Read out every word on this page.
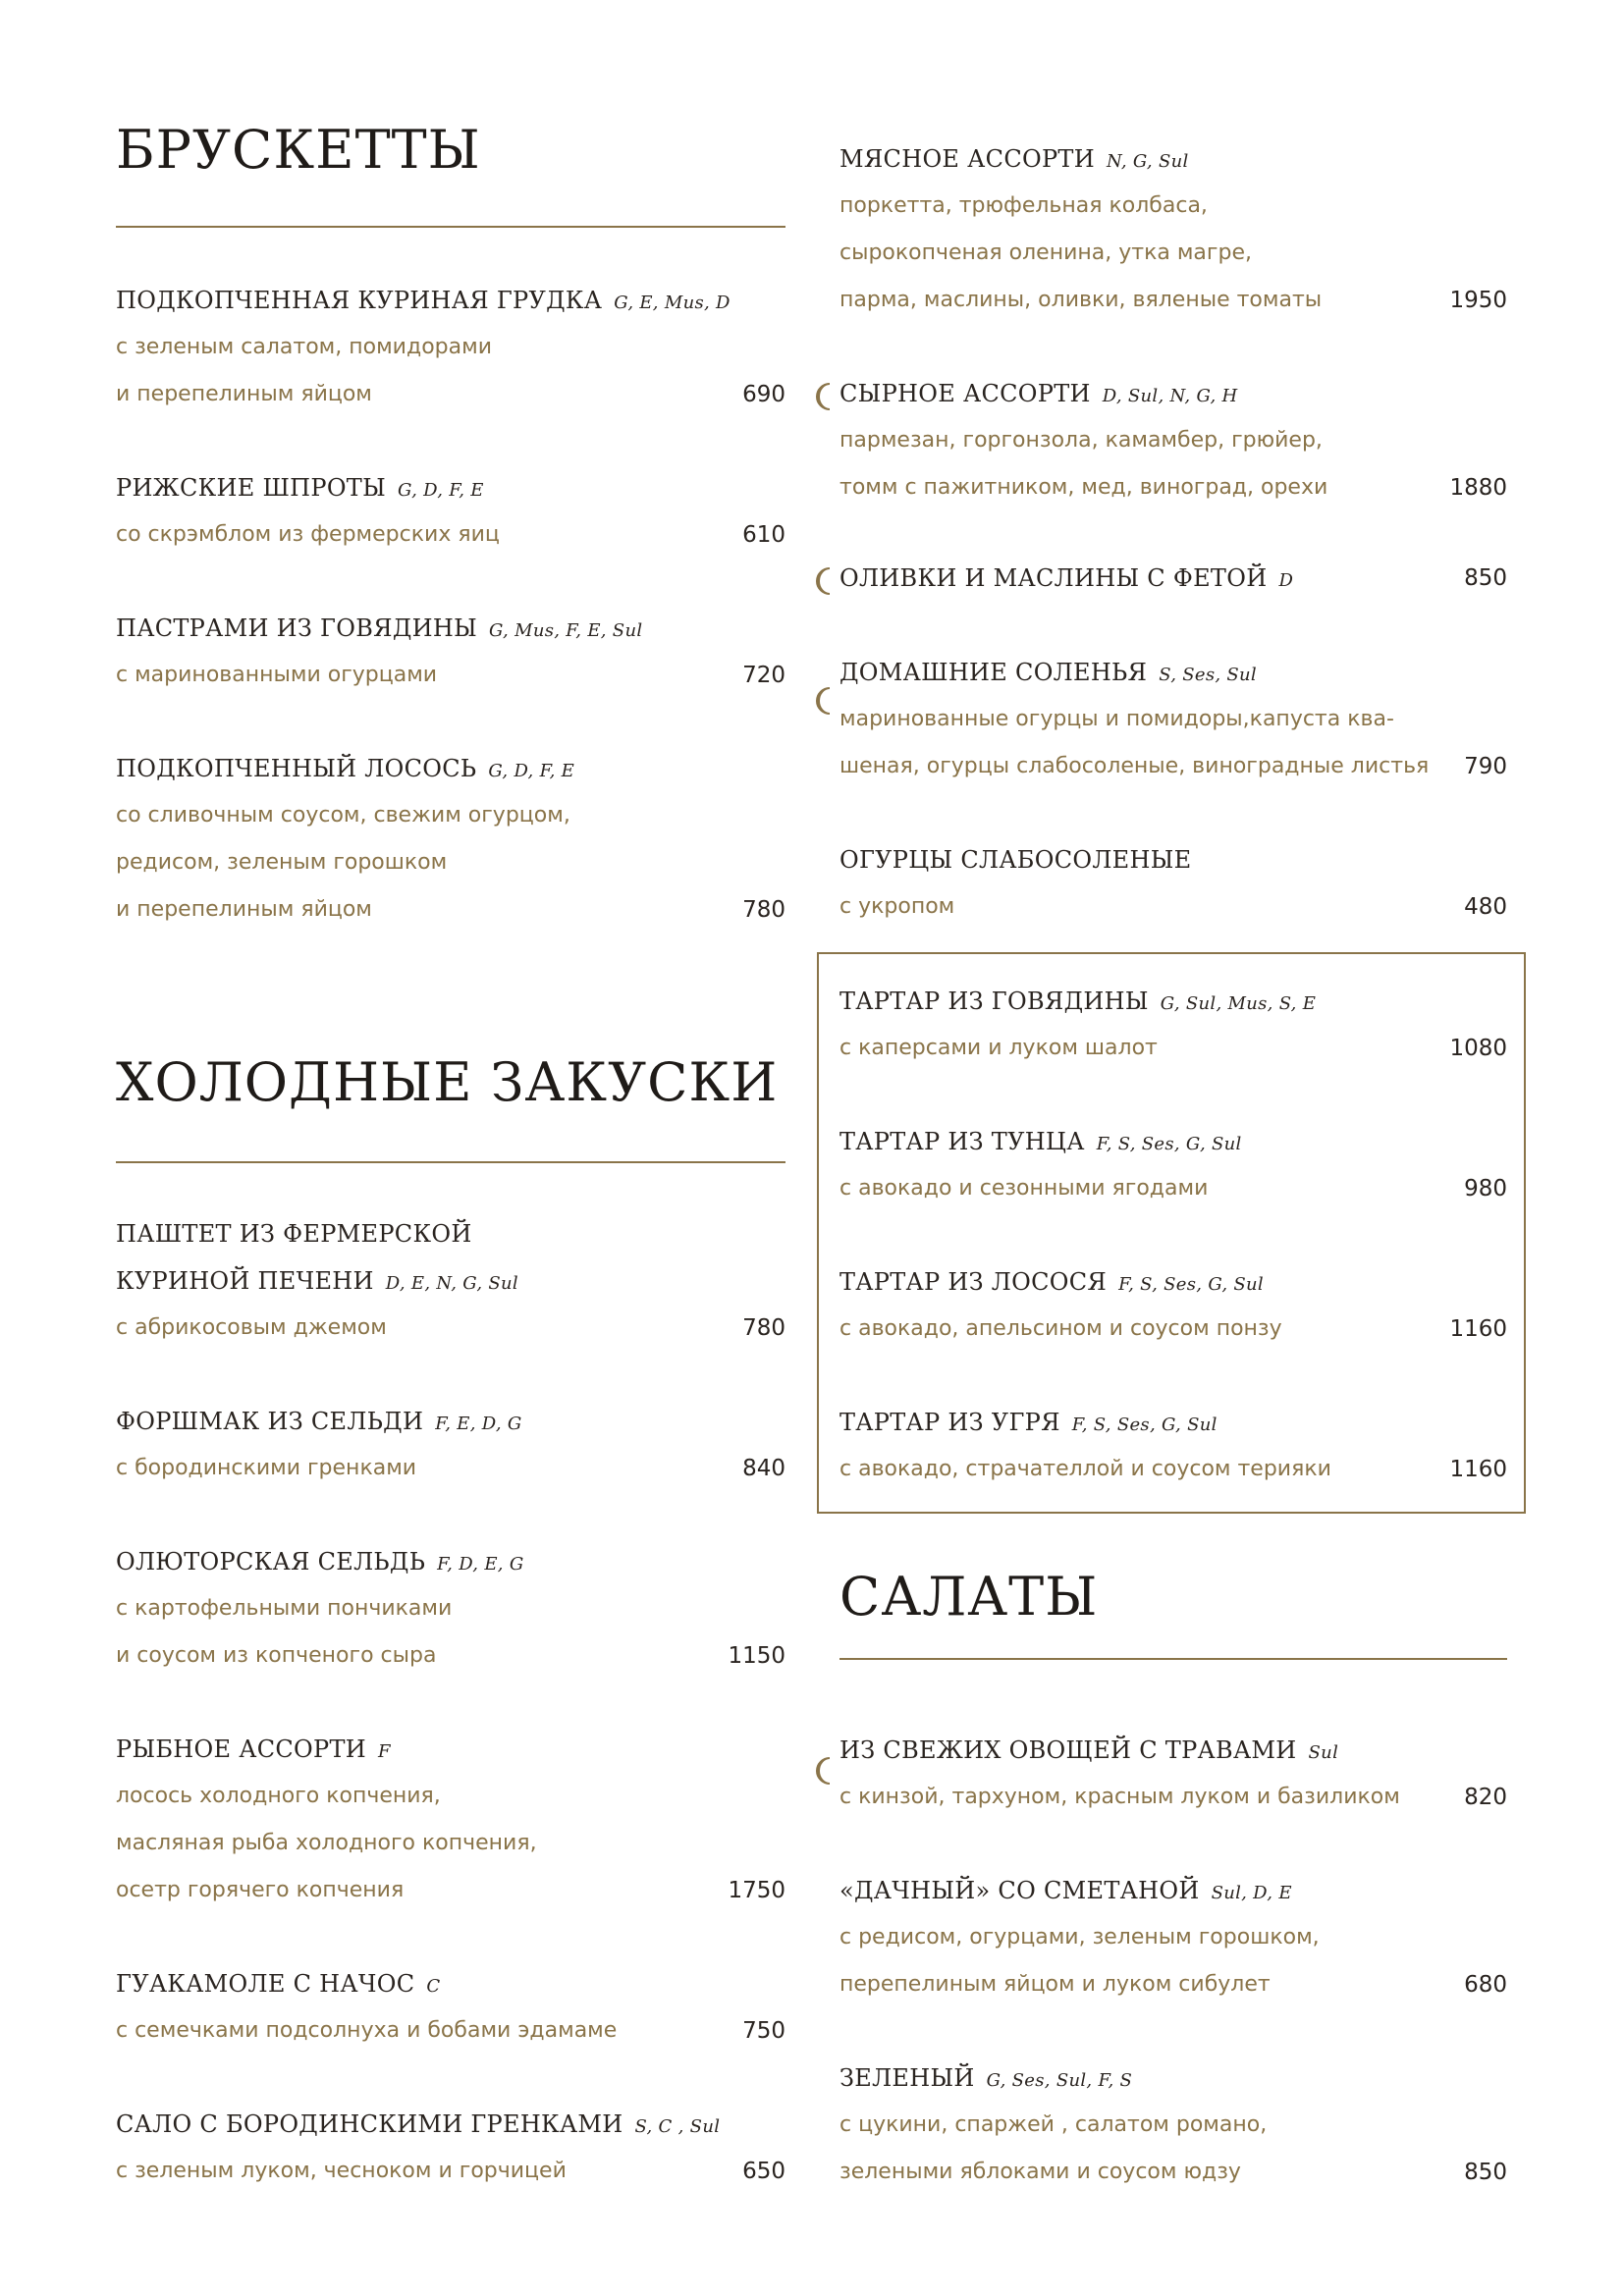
БРУСКЕТТЫ
ПОДКОПЧЕННАЯ КУРИНАЯ ГРУДКА G, E, Mus, D
с зеленым салатом, помидорами
и перепелиным яйцом	690
РИЖСКИЕ ШПРОТЫ G, D, F, E
со скрэмблом из фермерских яиц	610
ПАСТРАМИ ИЗ ГОВЯДИНЫ G, Mus, F, E, Sul
с маринованными огурцами	720
ПОДКОПЧЕННЫЙ ЛОСОСЬ G, D, F, E
со сливочным соусом, свежим огурцом,
редисом, зеленым горошком
и перепелиным яйцом	780
ХОЛОДНЫЕ ЗАКУСКИ
ПАШТЕТ ИЗ ФЕРМЕРСКОЙ
КУРИНОЙ ПЕЧЕНИ D, E, N, G, Sul
с абрикосовым джемом	780
ФОРШМАК ИЗ СЕЛЬДИ F, E, D, G
с бородинскими гренками	840
ОЛЮТОРСКАЯ СЕЛЬДЬ F, D, E, G
с картофельными пончиками
и соусом из копченого сыра	1150
РЫБНОЕ АССОРТИ F
лосось холодного копчения,
масляная рыба холодного копчения,
осетр горячего копчения	1750
ГУАКАМОЛЕ С НАЧОС C
с семечками подсолнуха и бобами эдамаме	750
САЛО С БОРОДИНСКИМИ ГРЕНКАМИ S, C , Sul
с зеленым луком, чесноком и горчицей	650
МЯСНОЕ АССОРТИ N, G, Sul
поркетта, трюфельная колбаса,
сырокопченая оленина, утка магре,
парма, маслины, оливки, вяленые томаты	1950
СЫРНОЕ АССОРТИ D, Sul, N, G, H
пармезан, горгонзола, камамбер, грюйер,
томм с пажитником, мед, виноград, орехи	1880
ОЛИВКИ И МАСЛИНЫ С ФЕТОЙ D	850
ДОМАШНИЕ СОЛЕНЬЯ S, Ses, Sul
маринованные огурцы и помидоры,капуста ква-
шеная, огурцы слабосоленые, виноградные листья	790
ОГУРЦЫ СЛАБОСОЛЕНЫЕ
с укропом	480
ТАРТАР ИЗ ГОВЯДИНЫ G, Sul, Mus, S, E
с каперсами и луком шалот	1080
ТАРТАР ИЗ ТУНЦА F, S, Ses, G, Sul
с авокадо и сезонными ягодами	980
ТАРТАР ИЗ ЛОСОСЯ F, S, Ses, G, Sul
с авокадо, апельсином и соусом понзу	1160
ТАРТАР ИЗ УГРЯ F, S, Ses, G, Sul
с авокадо, страчателлой и соусом терияки	1160
САЛАТЫ
ИЗ СВЕЖИХ ОВОЩЕЙ С ТРАВАМИ Sul
с кинзой, тархуном, красным луком и базиликом	820
«ДАЧНЫЙ» СО СМЕТАНОЙ Sul, D, E
с редисом, огурцами, зеленым горошком,
перепелиным яйцом и луком сибулет	680
ЗЕЛЕНЫЙ G, Ses, Sul, F, S
с цукини, спаржей , салатом романо,
зелеными яблоками и соусом юдзу	850
